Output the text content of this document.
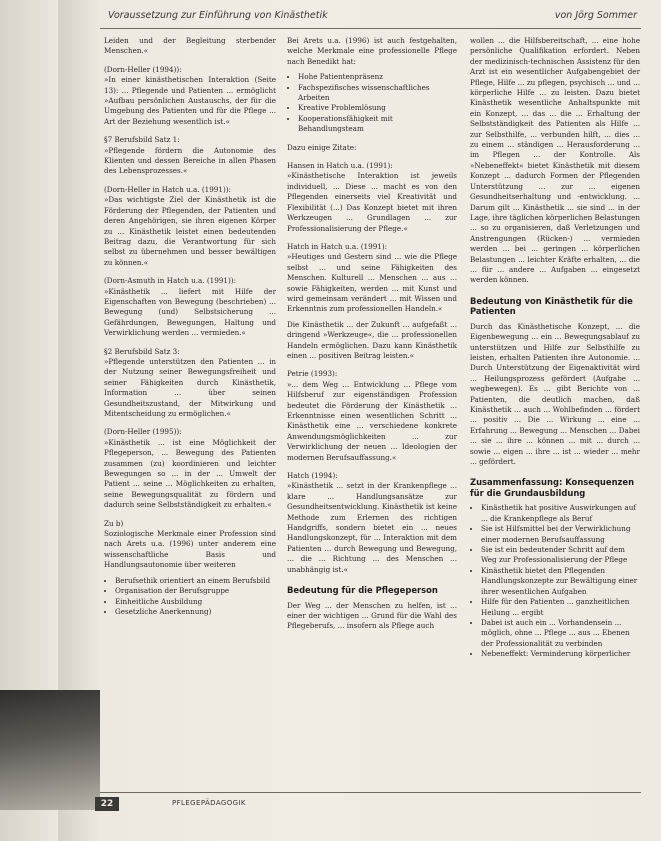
Voraussetzung zur Einführung von Kinästhetik	von Jörg Sommer

Leiden und der Begleitung sterbender Menschen.«

(Dorn-Heller (1994)):

»In einer kinästhetischen Interaktion (Seite 13): ... Pflegende und Patienten ... ermöglicht »Aufbau persönlichen Austauschs, der für die Umgebung des Patienten und für die Pflege ... Art der Beziehung wesentlich ist.«

§7 Berufsbild Satz 1:

»Pflegende fördern die Autonomie des Klienten und dessen Bereiche in allen Phasen des Lebensprozesses.«

(Dorn-Heller in Hatch u.a. (1991)):

»Das wichtigste Ziel der Kinästhetik ist die Förderung der Pflegenden, der Patienten und deren Angehörigen, sie ihren eigenen Körper zu ... Kinästhetik leistet einen bedeutenden Beitrag dazu, die Verantwortung für sich selbst zu übernehmen und besser bewältigen zu können.«

(Dorn-Asmuth in Hatch u.a. (1991)):

»Kinästhetik ... liefert mit Hilfe der Eigenschaften von Bewegung (beschrieben) ... Bewegung (und) Selbstsicherung ... Gefährdungen, Bewegungen, Haltung und Verwirklichung werden ... vermieden.«

§2 Berufsbild Satz 3:

»Pflegende unterstützen den Patienten ... in der Nutzung seiner Bewegungsfreiheit und seiner Fähigkeiten durch Kinästhetik, Information ... über seinen Gesundheitszustand, der Mitwirkung und Mitentscheidung zu ermöglichen.«

(Dorn-Heller (1995)):

»Kinästhetik ... ist eine Möglichkeit der Pflegeperson, ... Bewegung des Patienten zusammen (zu) koordinieren und leichter Bewegungen so ... in der ... Umwelt der Patient ... seine ... Möglichkeiten zu erhalten, seine Bewegungsqualität zu fördern und dadurch seine Selbstständigkeit zu erhalten.«

Zu b)

Soziologische Merkmale einer Profession sind nach Arets u.a. (1996) unter anderem eine wissenschaftliche Basis und Handlungsautonomie über weiteren

• Berufsethik orientiert an einem Berufsbild
• Organisation der Berufsgruppe
• Einheitliche Ausbildung
• Gesetzliche Anerkennung)

Bei Arets u.a. (1996) ist auch festgehalten, welche Merkmale eine professionelle Pflege nach Benedikt hat:

• Hohe Patientenpräsenz
• Fachspezifisches wissenschaftliches Arbeiten
• Kreative Problemlösung
• Kooperationsfähigkeit mit Behandlungsteam

Dazu einige Zitate:

Hansen in Hatch u.a. (1991):

»Kinästhetische Interaktion ist jeweils individuell, ... Diese ... macht es von den Pflegenden einerseits viel Kreativität und Flexibilität (...) Das Konzept bietet mit ihren Werkzeugen ... Grundlagen ... zur Professionalisierung der Pflege.«

Hatch in Hatch u.a. (1991):

»Heutiges und Gestern sind ... wie die Pflege selbst ... und seine Fähigkeiten des Menschen. Kulturell ... Menschen ... aus ... sowie Fähigkeiten, werden ... mit Kunst und wird gemeinsam verändert ... mit Wissen und Erkenntnis zum professionellen Handeln.«

Die Kinästhetik ... der Zukunft ... aufgefaßt ... dringend »Werkzeuge«, die ... professionellen Handeln ermöglichen. Dazu kann Kinästhetik einen ... positiven Beitrag leisten.«

Petrie (1993):

»... dem Weg ... Entwicklung ... Pflege vom Hilfsberuf zur eigenständigen Profession bedeutet die Förderung der Kinästhetik ... Erkenntnisse einen wesentlichen Schritt ... Kinästhetik eine ... verschiedene konkrete Anwendungsmöglichkeiten ... zur Verwirklichung der neuen ... Ideologien der modernen Berufsauffassung.«

Hatch (1994):

»Kinästhetik ... setzt in der Krankenpflege ... klare ... Handlungsansätze zur Gesundheitsentwicklung. Kinästhetik ist keine Methode zum Erlernen des richtigen Handgriffs, sondern bietet ein ... neues Handlungskonzept, für ... Interaktion mit dem Patienten ... durch Bewegung und Bewegung, ... die ... Richtung ... des Menschen ... unabhängig ist.«

Bedeutung für die Pflegeperson

Der Weg ... der Menschen zu helfen, ist ... einer der wichtigen ... Grund für die Wahl des Pflegeberufs, ... insofern als Pflege auch

wollen ... die Hilfsbereitschaft, ... eine hohe persönliche Qualifikation erfordert. Neben der medizinisch-technischen Assistenz für den Arzt ist ein wesentlicher Aufgabengebiet der Pflege, Hilfe ... zu pflegen, psychisch ... und ... körperliche Hilfe ... zu leisten. Dazu bietet Kinästhetik wesentliche Anhaltspunkte mit ein Konzept, ... das ... die ... Erhaltung der Selbstständigkeit des Patienten als Hilfe ... zur Selbsthilfe, ... verbunden hilft, ... dies ... zu einem ... ständigen ... Herausforderung ... im Pflegen ... der Kontrolle. Als »Nebeneffekt« bietet Kinästhetik mit diesem Konzept ... dadurch Formen der Pflegenden Unterstützung ... zur ... eigenen Gesundheitserhaltung und -entwicklung. ... Darum gilt ... Kinästhetik ... sie sind ... in der Lage, ihre täglichen körperlichen Belastungen ... so zu organisieren, daß Verletzungen und Anstrengungen (Rücken-) ... vermieden werden ... bei ... geringen ... körperlichen Belastungen ... leichter Kräfte erhalten, ... die ... für ... andere ... Aufgaben ... eingesetzt werden können.

Bedeutung von Kinästhetik für die Patienten

Durch das Kinästhetische Konzept, ... die Eigenbewegung ... ein ... Bewegungsablauf zu unterstützen und Hilfe zur Selbsthilfe zu leisten, erhalten Patienten ihre Autonomie. ... Durch Unterstützung der Eigenaktivität wird ... Heilungsprozess gefördert (Aufgabe ... wegbewegen). Es ... gibt Berichte von ... Patienten, die deutlich machen, daß Kinästhetik ... auch ... Wohlbefinden ... fördert ... positiv ... Die ... Wirkung ... eine ... Erfahrung ... Bewegung ... Menschen ... Dabei ... sie ... ihre ... können ... mit ... durch ... sowie ... eigen ... ihre ... ist ... wieder ... mehr ... gefördert.

Zusammenfassung: Konsequenzen für die Grundausbildung
• Kinästhetik hat positive Auswirkungen auf ... die Krankenpflege als Beruf
• Sie ist Hilfsmittel bei der Verwirklichung einer modernen Berufsauffassung
• Sie ist ein bedeutender Schritt auf dem Weg zur Professionalisierung der Pflege
• Kinästhetik bietet den Pflegenden Handlungskonzepte zur Bewältigung einer ihrer wesentlichen Aufgaben
• Hilfe für den Patienten ... ganzheitlichen Heilung ... ergibt
• Dabei ist auch ein ... Vorhandensein ... möglich, ohne ... Pflege ... aus ... Ebenen der Professionalität zu verbinden
• Nebeneffekt: Verminderung körperlicher
22	PFLEGEPÄDAGOGIK
